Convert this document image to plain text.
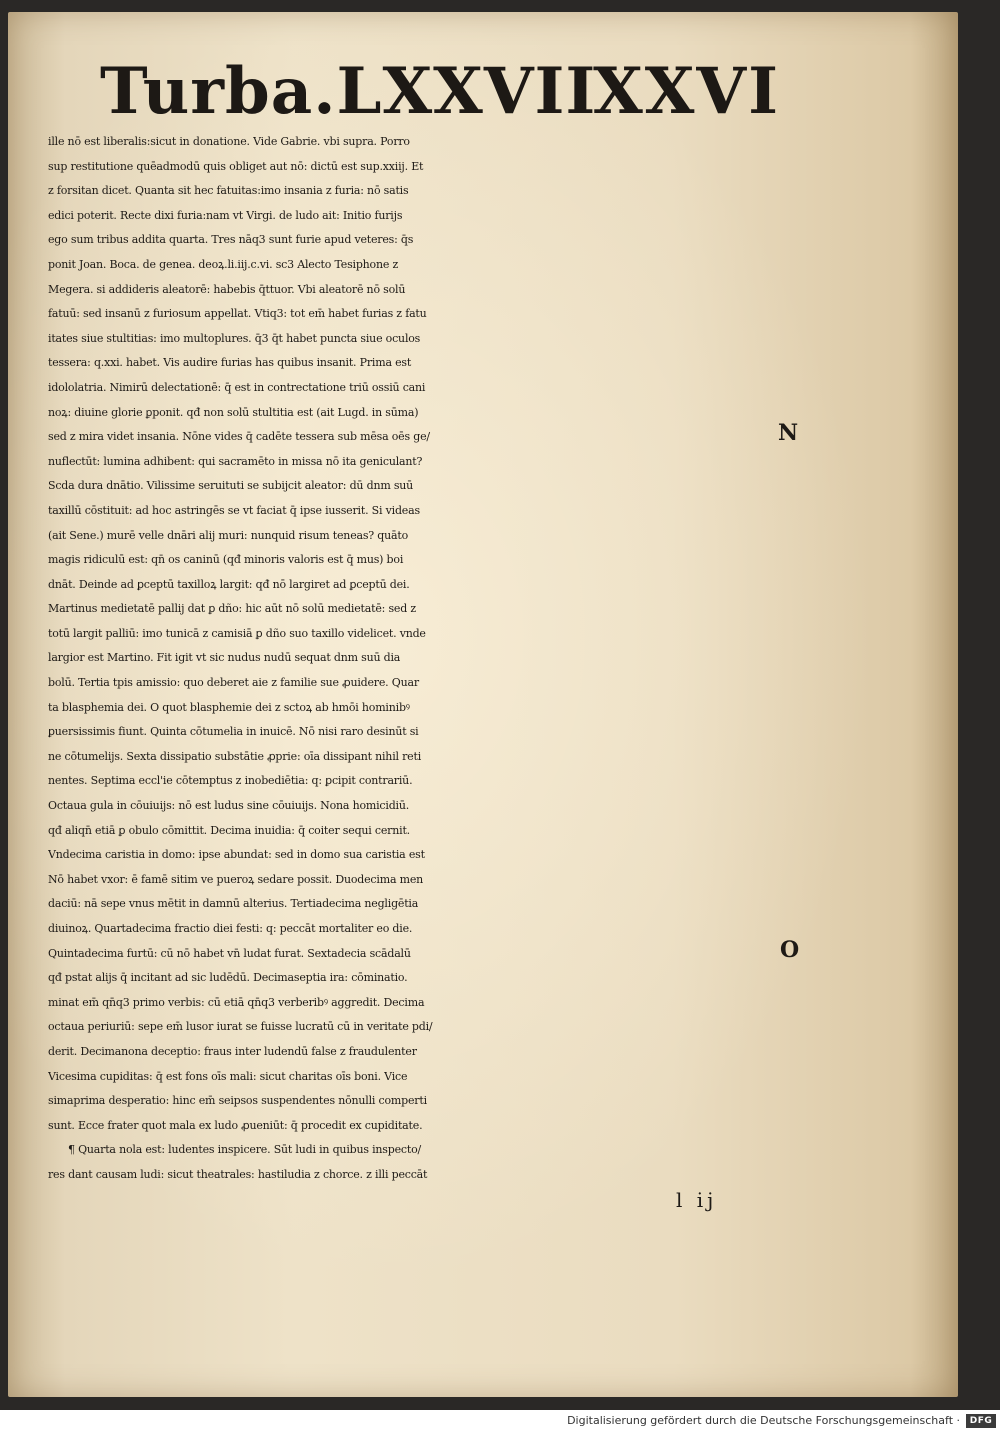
Turba.LXXVII
XXVI
ille nō est liberalis:sicut in donatione. Vide Gabrie. vbi supra. Porro
sup restitutione quēadmodū quis obliget aut nō: dictū est sup.xxiij. Et
z forsitan dicet. Quanta sit hec fatuitas:imo insania z furia: nō satis
edici poterit. Recte dixi furia:nam vt Virgi. de ludo ait: Initio furijs
ego sum tribus addita quarta. Tres nāq3 sunt furie apud veteres: q̄s
ponit Joan. Boca. de genea. deoꝝ.li.iij.c.vi. sc3 Alecto Tesiphone z
Megera. si addideris aleatorē: habebis q̄ttuor. Vbi aleatorē nō solū
fatuū: sed insanū z furiosum appellat. Vtiq3: tot em̄ habet furias z fatu
itates siue stultitias: imo multoplures. q̄3 q̄t habet puncta siue oculos
tessera: q.xxi. habet. Vis audire furias has quibus insanit. Prima est
idololatria. Nimirū delectationē: q̄ est in contrectatione triū ossiū cani
noꝝ: diuine glorie ꝑponit. qđ non solū stultitia est (ait Lugd. in sūma)
sed z mira videt insania. Nōne vides q̄ cadēte tessera sub mēsa oēs ge/
nuflectūt: lumina adhibent: qui sacramēto in missa nō ita geniculant?
Scda dura dnātio. Vilissime seruituti se subijcit aleator: dū dnm suū
taxillū cōstituit: ad hoc astringēs se vt faciat q̄ ipse iusserit. Si videas
(ait Sene.) murē velle dnāri alij muri: nunquid risum teneas? quāto
magis ridiculū est: qn̄ os caninū (qđ minoris valoris est q̄ mus) boi
dnāt. Deinde ad ꝑceptū taxilloꝝ largit: qđ nō largiret ad ꝑceptū dei.
Martinus medietatē pallij dat ꝑ dño: hic aūt nō solū medietatē: sed z
totū largit palliū: imo tunicā z camisiā ꝑ dño suo taxillo videlicet. vnde
largior est Martino. Fit igit vt sic nudus nudū sequat dnm suū dia
bolū. Tertia tpis amissio: quo deberet aie z familie sue ꝓuidere. Quar
ta blasphemia dei. O quot blasphemie dei z sctoꝝ ab hmōi hominibꝰ
ꝑuersissimis fiunt. Quinta cōtumelia in inuicē. Nō nisi raro desinūt si
ne cōtumelijs. Sexta dissipatio substātie ꝓprie: oīa dissipant nihil reti
nentes. Septima eccl'ie cōtemptus z inobediētia: q: ꝑcipit contrariū.
Octaua gula in cōuiuijs: nō est ludus sine cōuiuijs. Nona homicidiū.
qđ aliqn̄ etiā ꝑ obulo cōmittit. Decima inuidia: q̄ coiter sequi cernit.
Vndecima caristia in domo: ipse abundat: sed in domo sua caristia est
Nō habet vxor: ē famē sitim ve pueroꝝ sedare possit. Duodecima men
daciū: nā sepe vnus mētit in damnū alterius. Tertiadecima negligētia
diuinoꝝ. Quartadecima fractio diei festi: q: peccāt mortaliter eo die.
Quintadecima furtū: cū nō habet vn̄ ludat furat. Sextadecia scādalū
qđ pstat alijs q̄ incitant ad sic ludēdū. Decimaseptia ira: cōminatio.
minat em̄ qn̄q3 primo verbis: cū etiā qn̄q3 verberibꝰ aggredit. Decima
octaua periuriū: sepe em̄ lusor iurat se fuisse lucratū cū in veritate pdi/
derit. Decimanona deceptio: fraus inter ludendū false z fraudulenter
Vicesima cupiditas: q̄ est fons oīs mali: sicut charitas oīs boni. Vice
simaprima desperatio: hinc em̄ seipsos suspendentes nōnulli comperti
sunt. Ecce frater quot mala ex ludo ꝓueniūt: q̄ procedit ex cupiditate.
¶ Quarta nola est: ludentes inspicere. Sūt ludi in quibus inspecto/
res dant causam ludi: sicut theatrales: hastiludia z chorce. z illi peccāt
N
O
l ij
Digitalisierung gefördert durch die Deutsche Forschungsgemeinschaft ·	DFG
